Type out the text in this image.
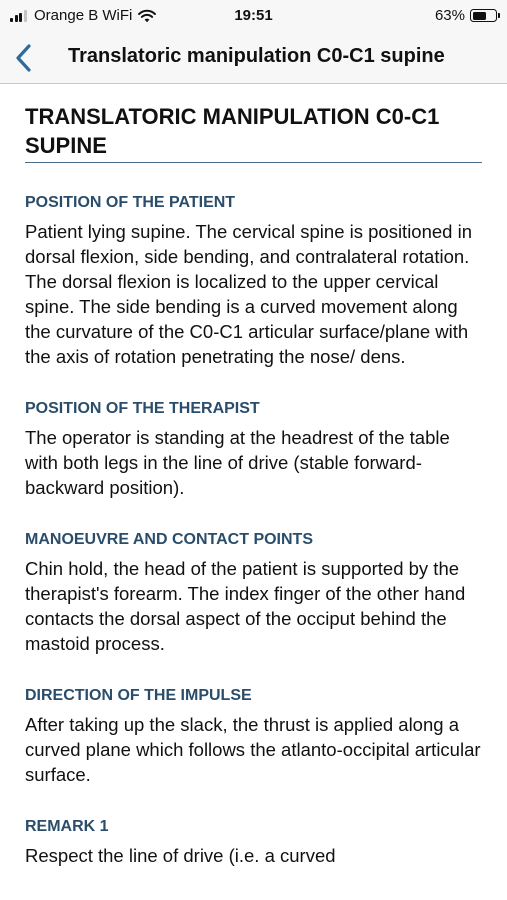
Orange B WiFi	19:51	63%
Translatoric manipulation C0-C1 supine
TRANSLATORIC MANIPULATION C0-C1 SUPINE
POSITION OF THE PATIENT

Patient lying supine. The cervical spine is positioned in dorsal flexion, side bending, and contralateral rotation. The dorsal flexion is localized to the upper cervical spine. The side bending is a curved movement along the curvature of the C0-C1 articular surface/plane with the axis of rotation penetrating the nose/ dens.

POSITION OF THE THERAPIST

The operator is standing at the headrest of the table with both legs in the line of drive (stable forward-backward position).

MANOEUVRE AND CONTACT POINTS

Chin hold, the head of the patient is supported by the therapist's forearm. The index finger of the other hand contacts the dorsal aspect of the occiput behind the mastoid process.

DIRECTION OF THE IMPULSE

After taking up the slack, the thrust is applied along a curved plane which follows the atlanto-occipital articular surface.

REMARK 1

Respect the line of drive (i.e. a curved
